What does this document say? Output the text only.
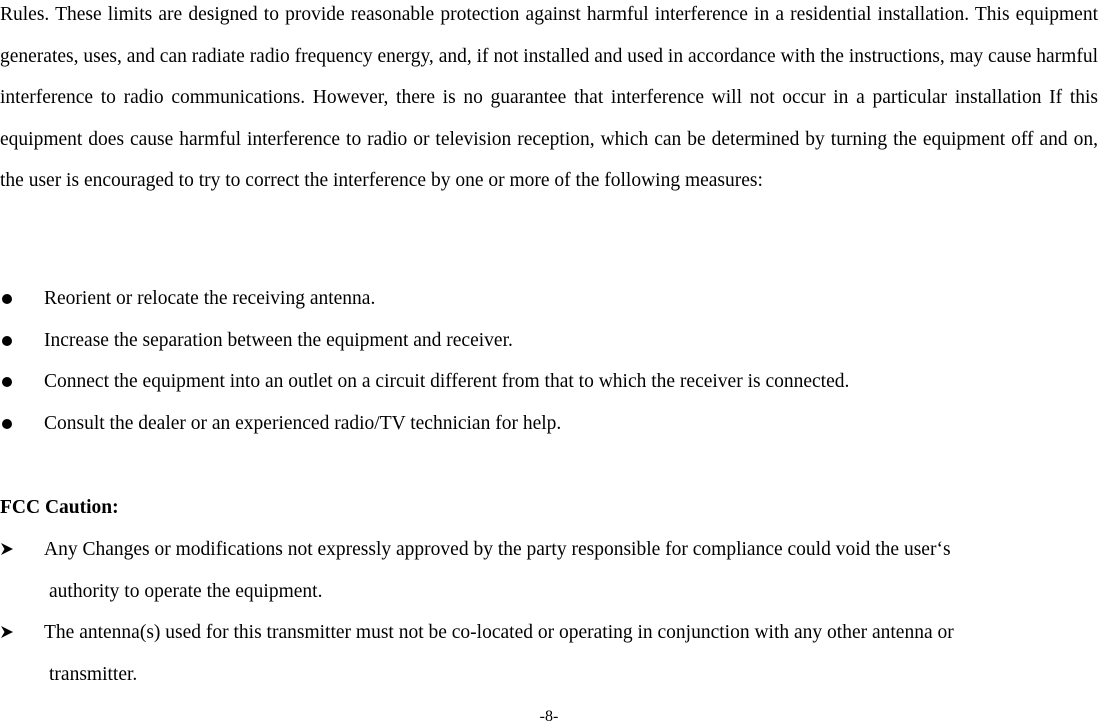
Rules. These limits are designed to provide reasonable protection against harmful interference in a residential installation. This equipment generates, uses, and can radiate radio frequency energy, and, if not installed and used in accordance with the instructions, may cause harmful interference to radio communications. However, there is no guarantee that interference will not occur in a particular installation If this equipment does cause harmful interference to radio or television reception, which can be determined by turning the equipment off and on, the user is encouraged to try to correct the interference by one or more of the following measures:

Reorient or relocate the receiving antenna.
Increase the separation between the equipment and receiver.
Connect the equipment into an outlet on a circuit different from that to which the receiver is connected.
Consult the dealer or an experienced radio/TV technician for help.
FCC Caution:
Any Changes or modifications not expressly approved by the party responsible for compliance could void the user‘s
authority to operate the equipment.
The antenna(s) used for this transmitter must not be co-located or operating in conjunction with any other antenna or
transmitter.

-8-
